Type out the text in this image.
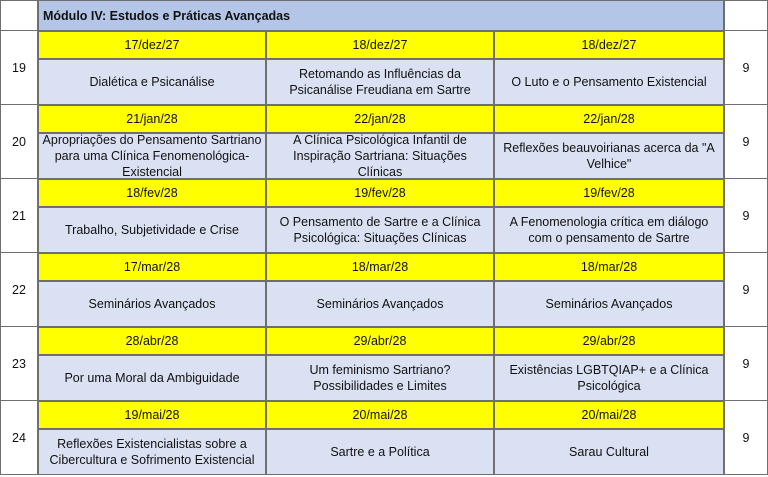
Módulo IV: Estudos e Práticas Avançadas
19
17/dez/27
Dialética e Psicanálise
18/dez/27
Retomando as Influências da Psicanálise Freudiana em Sartre
18/dez/27
O Luto e o Pensamento Existencial
9
20
21/jan/28
Apropriações do Pensamento Sartriano para uma Clínica Fenomenológica-Existencial
22/jan/28
A Clínica Psicológica Infantil de Inspiração Sartriana: Situações Clínicas
22/jan/28
Reflexões beauvoirianas acerca da "A Velhice"
9
21
18/fev/28
Trabalho, Subjetividade e Crise
19/fev/28
O Pensamento de Sartre e a Clínica Psicológica: Situações Clínicas
19/fev/28
A Fenomenologia crítica em diálogo com o pensamento de Sartre
9
22
17/mar/28
Seminários Avançados
18/mar/28
Seminários Avançados
18/mar/28
Seminários Avançados
9
23
28/abr/28
Por uma Moral da Ambiguidade
29/abr/28
Um feminismo Sartriano? Possibilidades e Limites
29/abr/28
Existências LGBTQIAP+ e a Clínica Psicológica
9
24
19/mai/28
Reflexões Existencialistas sobre a Cibercultura e Sofrimento Existencial
20/mai/28
Sartre e a Política
20/mai/28
Sarau Cultural
9
